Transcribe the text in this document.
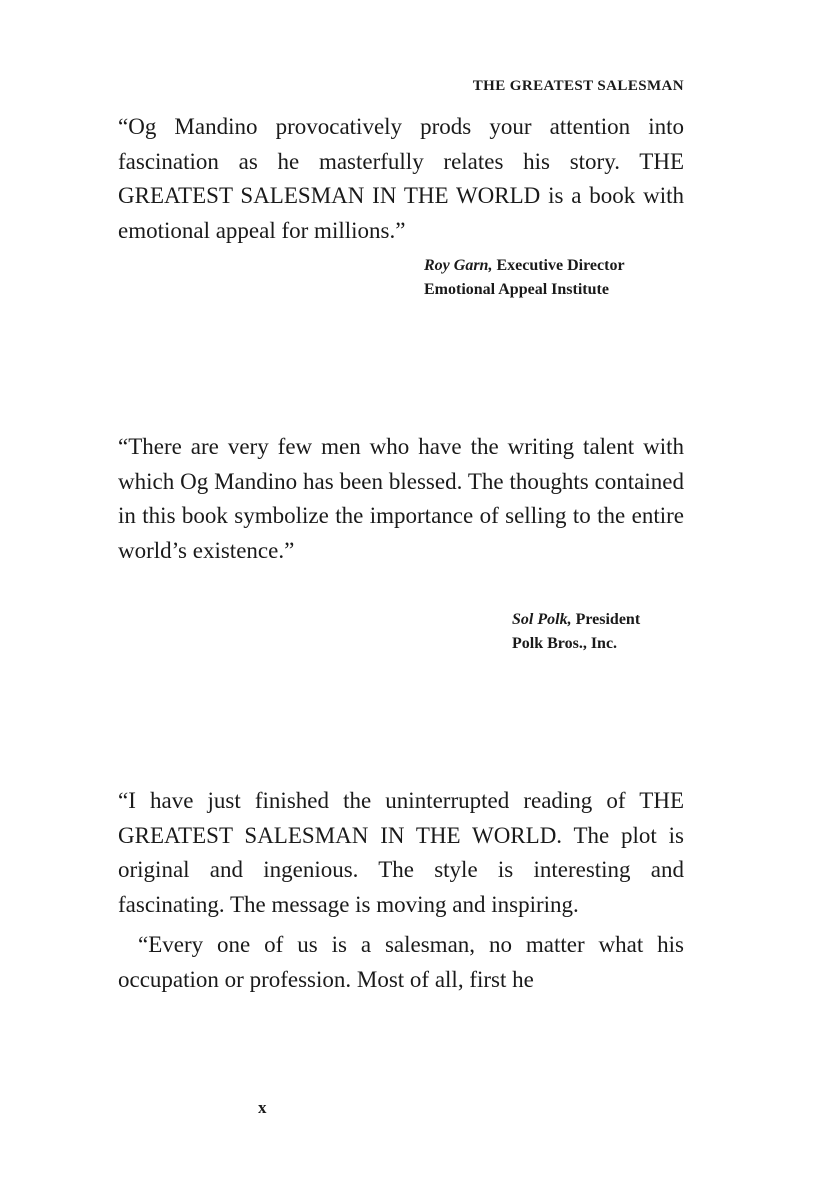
THE GREATEST SALESMAN

“Og Mandino provocatively prods your attention into fascination as he masterfully relates his story. THE GREATEST SALESMAN IN THE WORLD is a book with emotional appeal for millions.”

Roy Garn, Executive Director
Emotional Appeal Institute

“There are very few men who have the writing talent with which Og Mandino has been blessed. The thoughts contained in this book symbolize the importance of selling to the entire world’s existence.”

Sol Polk, President
Polk Bros., Inc.

“I have just finished the uninterrupted reading of THE GREATEST SALESMAN IN THE WORLD. The plot is original and ingenious. The style is interesting and fascinating. The message is moving and inspiring.

“Every one of us is a salesman, no matter what his occupation or profession. Most of all, first he

x
